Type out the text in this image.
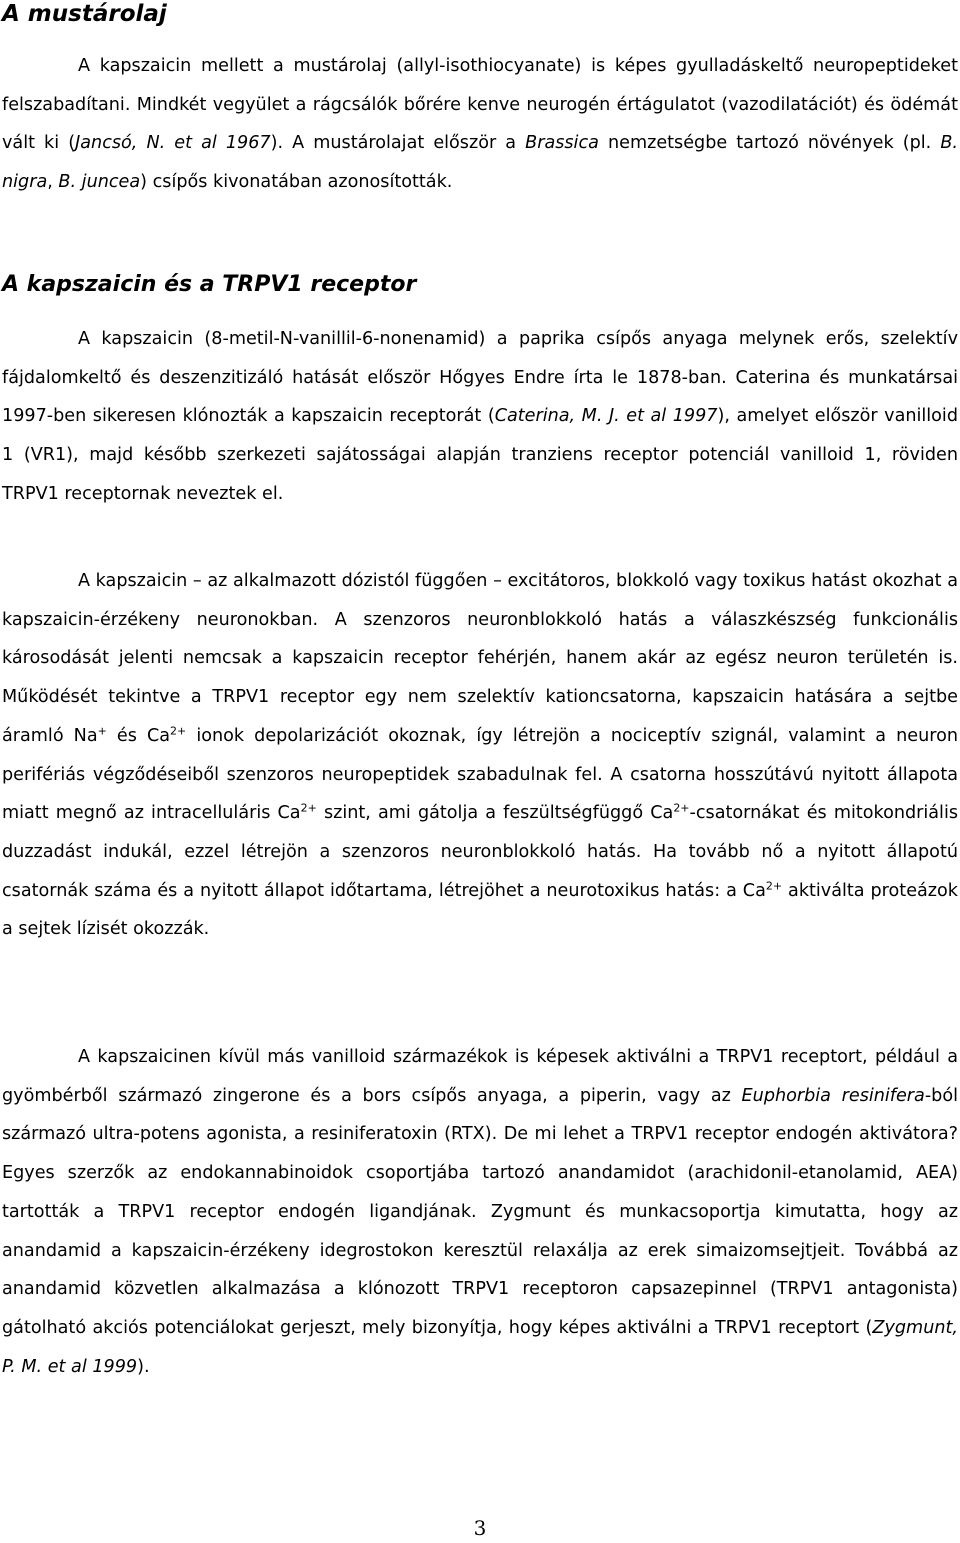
A mustárolaj

A kapszaicin mellett a mustárolaj (allyl-isothiocyanate) is képes gyulladáskeltő neuropeptideket felszabadítani. Mindkét vegyület a rágcsálók bőrére kenve neurogén értágulatot (vazodilatációt) és ödémát vált ki (Jancsó, N. et al 1967). A mustárolajat először a Brassica nemzetségbe tartozó növények (pl. B. nigra, B. juncea) csípős kivonatában azonosították.

A kapszaicin és a TRPV1 receptor

A kapszaicin (8-metil-N-vanillil-6-nonenamid) a paprika csípős anyaga melynek erős, szelektív fájdalomkeltő és deszenzitizáló hatását először Hőgyes Endre írta le 1878-ban. Caterina és munkatársai 1997-ben sikeresen klónozták a kapszaicin receptorát (Caterina, M. J. et al 1997), amelyet először vanilloid 1 (VR1), majd később szerkezeti sajátosságai alapján tranziens receptor potenciál vanilloid 1, röviden TRPV1 receptornak neveztek el.

A kapszaicin – az alkalmazott dózistól függően – excitátoros, blokkoló vagy toxikus hatást okozhat a kapszaicin-érzékeny neuronokban. A szenzoros neuronblokkoló hatás a válaszkészség funkcionális károsodását jelenti nemcsak a kapszaicin receptor fehérjén, hanem akár az egész neuron területén is. Működését tekintve a TRPV1 receptor egy nem szelektív kationcsatorna, kapszaicin hatására a sejtbe áramló Na+ és $Ca^{2+}$ ionok depolarizációt okoznak, így létrejön a nociceptív szignál, valamint a neuron perifériás végződéseiből szenzoros neuropeptidek szabadulnak fel. A csatorna hosszútávú nyitott állapota miatt megnő az intracelluláris $Ca^{2+}$ szint, ami gátolja a feszültségfüggő $Ca^{2+}$-csatornákat és mitokondriális duzzadást indukál, ezzel létrejön a szenzoros neuronblokkoló hatás. Ha tovább nő a nyitott állapotú csatornák száma és a nyitott állapot időtartama, létrejöhet a neurotoxikus hatás: a $Ca^{2+}$ aktiválta proteázok a sejtek lízisét okozzák.

A kapszaicinen kívül más vanilloid származékok is képesek aktiválni a TRPV1 receptort, például a gyömbérből származó zingerone és a bors csípős anyaga, a piperin, vagy az Euphorbia resinifera-ból származó ultra-potens agonista, a resiniferatoxin (RTX). De mi lehet a TRPV1 receptor endogén aktivátora? Egyes szerzők az endokannabinoidok csoportjába tartozó anandamidot (arachidonil-etanolamid, AEA) tartották a TRPV1 receptor endogén ligandjának. Zygmunt és munkacsoportja kimutatta, hogy az anandamid a kapszaicin-érzékeny idegrostokon keresztül relaxálja az erek simaizomsejtjeit. Továbbá az anandamid közvetlen alkalmazása a klónozott TRPV1 receptoron capsazepinnel (TRPV1 antagonista) gátolható akciós potenciálokat gerjeszt, mely bizonyítja, hogy képes aktiválni a TRPV1 receptort (Zygmunt, P. M. et al 1999).

3
